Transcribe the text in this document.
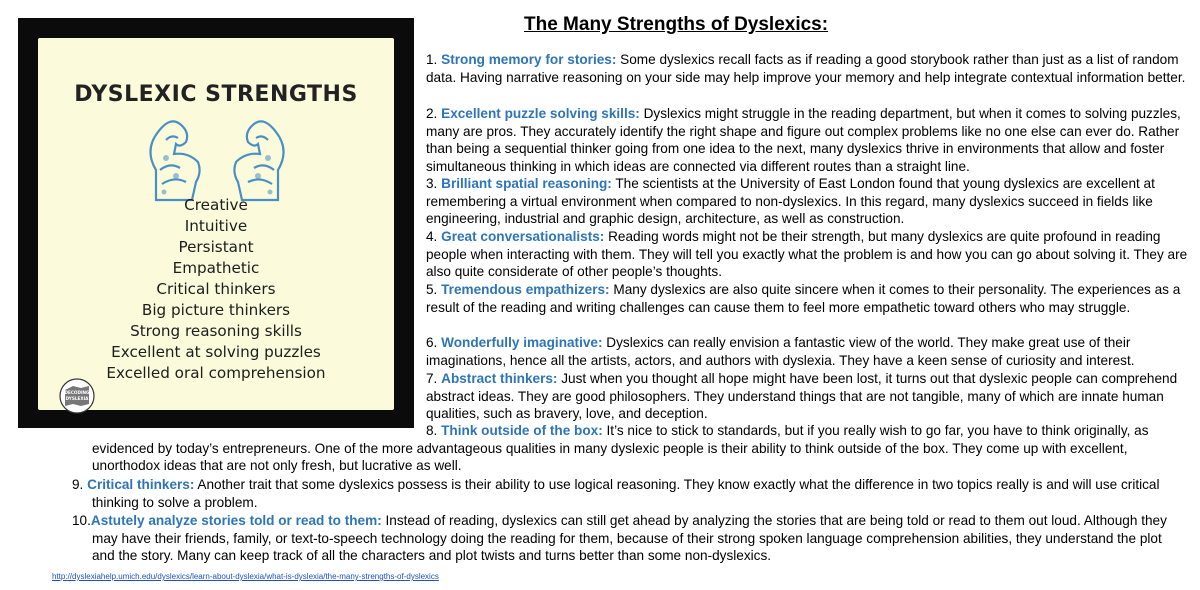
DYSLEXIC STRENGTHS
Creative
Intuitive
Persistant
Empathetic
Critical thinkers
Big picture thinkers
Strong reasoning skills
Excellent at solving puzzles
Excelled oral comprehension
DECODING
DYSLEXIA
The Many Strengths of Dyslexics:
1. Strong memory for stories: Some dyslexics recall facts as if reading a good storybook rather than just as a list of random data. Having narrative reasoning on your side may help improve your memory and help integrate contextual information better.
2. Excellent puzzle solving skills: Dyslexics might struggle in the reading department, but when it comes to solving puzzles, many are pros. They accurately identify the right shape and figure out complex problems like no one else can ever do. Rather than being a sequential thinker going from one idea to the next, many dyslexics thrive in environments that allow and foster simultaneous thinking in which ideas are connected via different routes than a straight line.
3. Brilliant spatial reasoning: The scientists at the University of East London found that young dyslexics are excellent at remembering a virtual environment when compared to non-dyslexics. In this regard, many dyslexics succeed in fields like engineering, industrial and graphic design, architecture, as well as construction.
4. Great conversationalists: Reading words might not be their strength, but many dyslexics are quite profound in reading people when interacting with them. They will tell you exactly what the problem is and how you can go about solving it. They are also quite considerate of other people’s thoughts.
5. Tremendous empathizers: Many dyslexics are also quite sincere when it comes to their personality. The experiences as a result of the reading and writing challenges can cause them to feel more empathetic toward others who may struggle.
6. Wonderfully imaginative: Dyslexics can really envision a fantastic view of the world. They make great use of their imaginations, hence all the artists, actors, and authors with dyslexia. They have a keen sense of curiosity and interest.
7. Abstract thinkers: Just when you thought all hope might have been lost, it turns out that dyslexic people can comprehend abstract ideas. They are good philosophers. They understand things that are not tangible, many of which are innate human qualities, such as bravery, love, and deception.
8. Think outside of the box: It’s nice to stick to standards, but if you really wish to go far, you have to think originally, as evidenced by today’s entrepreneurs. One of the more advantageous qualities in many dyslexic people is their ability to think outside of the box. They come up with excellent, unorthodox ideas that are not only fresh, but lucrative as well.
9. Critical thinkers: Another trait that some dyslexics possess is their ability to use logical reasoning. They know exactly what the difference in two topics really is and will use critical thinking to solve a problem.
10.Astutely analyze stories told or read to them: Instead of reading, dyslexics can still get ahead by analyzing the stories that are being told or read to them out loud. Although they may have their friends, family, or text-to-speech technology doing the reading for them, because of their strong spoken language comprehension abilities, they understand the plot and the story. Many can keep track of all the characters and plot twists and turns better than some non-dyslexics.
http://dyslexiahelp.umich.edu/dyslexics/learn-about-dyslexia/what-is-dyslexia/the-many-strengths-of-dyslexics
